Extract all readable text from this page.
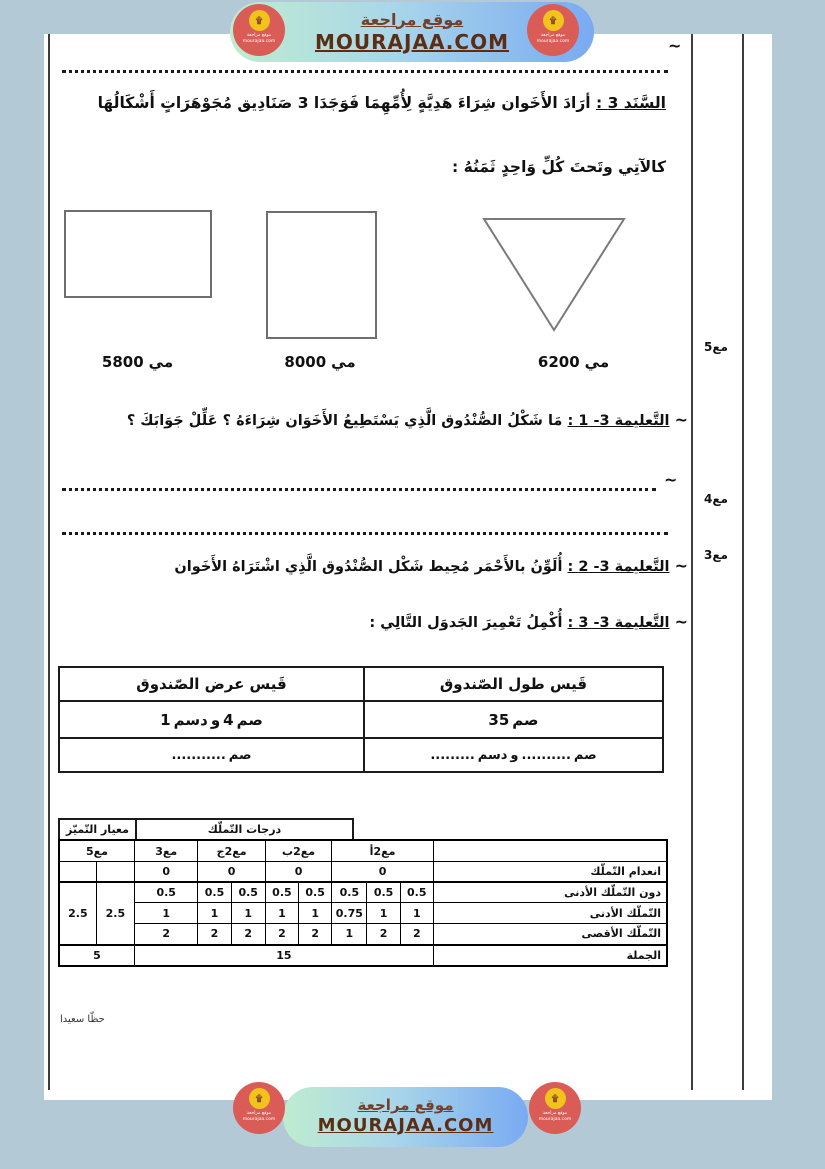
مع5
مع4
مع3
موقع مراجعة
MOURAJAA.COM
۩
موقع مراجعة
mourajaa.com
۩
موقع مراجعة
mourajaa.com	~
السَّنَد 3 : أرَادَ الأَخَوان شِرَاءَ هَدِيَّةٍ لِأُمِّهِمَا فَوَجَدَا 3 صَنَادِيق مُجَوْهَرَاتٍ أَشْكَالُهَا
كالآتِي وتَحتَ كُلِّ وَاحِدٍ ثَمَنُهُ :
5800 مي	8000 مي	6200 مي
~ التَّعليمة 3- 1 : مَا شَكْلُ الصُّنْدُوق الَّذِي يَسْتَطِيعُ الأَخَوَان شِرَاءَهُ ؟ عَلِّلْ جَوَابَكَ ؟
~
~ التَّعليمة 3- 2 : أُلَوِّنُ بالأَحْمَر مُحِيط شَكْل الصُّنْدُوق الَّذِي اشْتَرَاهُ الأَخَوان
~ التَّعليمة 3- 3 : أُكْمِلُ تَعْمِيرَ الجَدوَل التَّالِي :
قَيس طول الصّندوق	قَيس عرض الصّندوق

35 صم	1 دسم و 4 صم

......... دسم و .......... صم	........... صم
معيار التّميّز	درجات التّملّك
مع5		مع3	مع2ج		مع2ب		مع2أ			
		0	0		0		0			انعدام التّملّك
2.5	2.5	0.5	0.5	0.5	0.5	0.5	0.5	0.5	0.5	دون التّملّك الأدنى
		1	1	1	1	1	0.75	1	1	التّملّك الأدنى
		2	2	2	2	2	1	2	2	التّملّك الأقصى
5		15								الجملة
حظّا سعيدا
موقع مراجعة
MOURAJAA.COM
۩
موقع مراجعة
mourajaa.com
۩
موقع مراجعة
mourajaa.com
